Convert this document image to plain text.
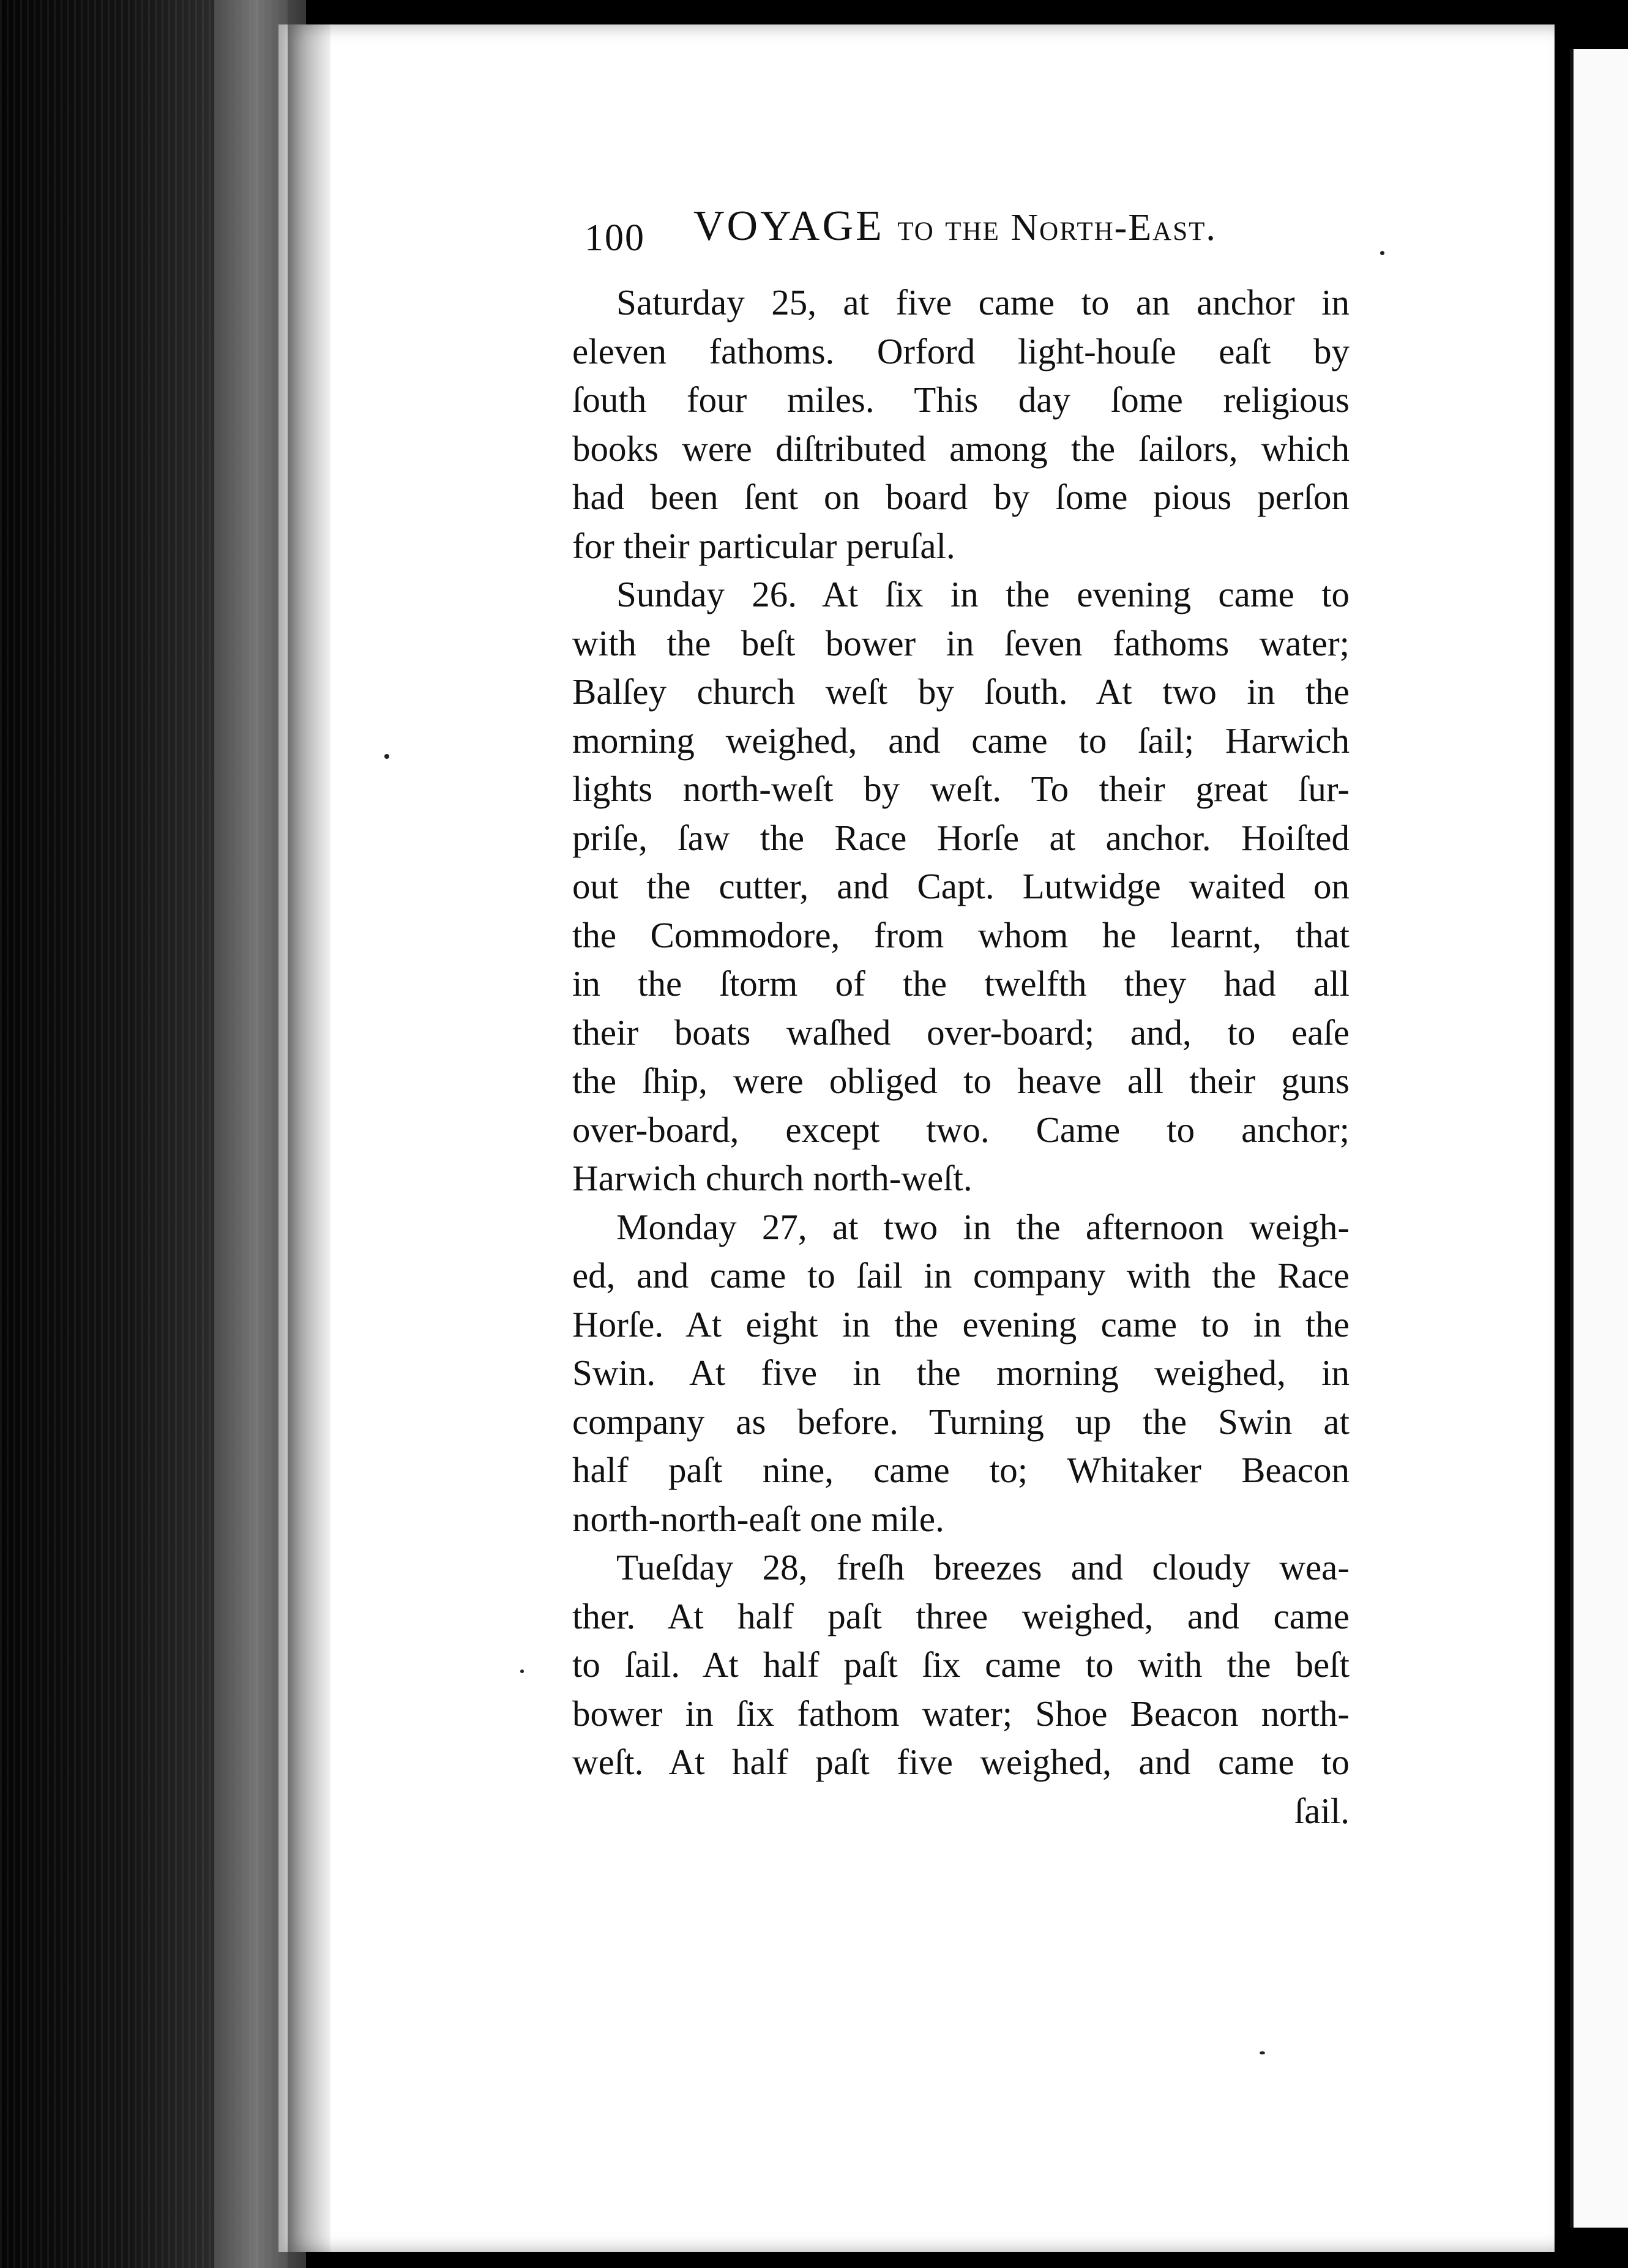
100 VOYAGE to the North-East.
Saturday 25, at five came to an anchor in
eleven fathoms. Orford light-houſe eaſt by
ſouth four miles. This day ſome religious
books were diſtributed among the ſailors, which
had been ſent on board by ſome pious perſon
for their particular peruſal.
Sunday 26. At ſix in the evening came to
with the beſt bower in ſeven fathoms water;
Balſey church weſt by ſouth. At two in the
morning weighed, and came to ſail; Harwich
lights north-weſt by weſt. To their great ſur-
priſe, ſaw the Race Horſe at anchor. Hoiſted
out the cutter, and Capt. Lutwidge waited on
the Commodore, from whom he learnt, that
in the ſtorm of the twelfth they had all
their boats waſhed over-board; and, to eaſe
the ſhip, were obliged to heave all their guns
over-board, except two. Came to anchor;
Harwich church north-weſt.
Monday 27, at two in the afternoon weigh-
ed, and came to ſail in company with the Race
Horſe. At eight in the evening came to in the
Swin. At five in the morning weighed, in
company as before. Turning up the Swin at
half paſt nine, came to; Whitaker Beacon
north-north-eaſt one mile.
Tueſday 28, freſh breezes and cloudy wea-
ther. At half paſt three weighed, and came
to ſail. At half paſt ſix came to with the beſt
bower in ſix fathom water; Shoe Beacon north-
weſt. At half paſt five weighed, and came to
ſail.
